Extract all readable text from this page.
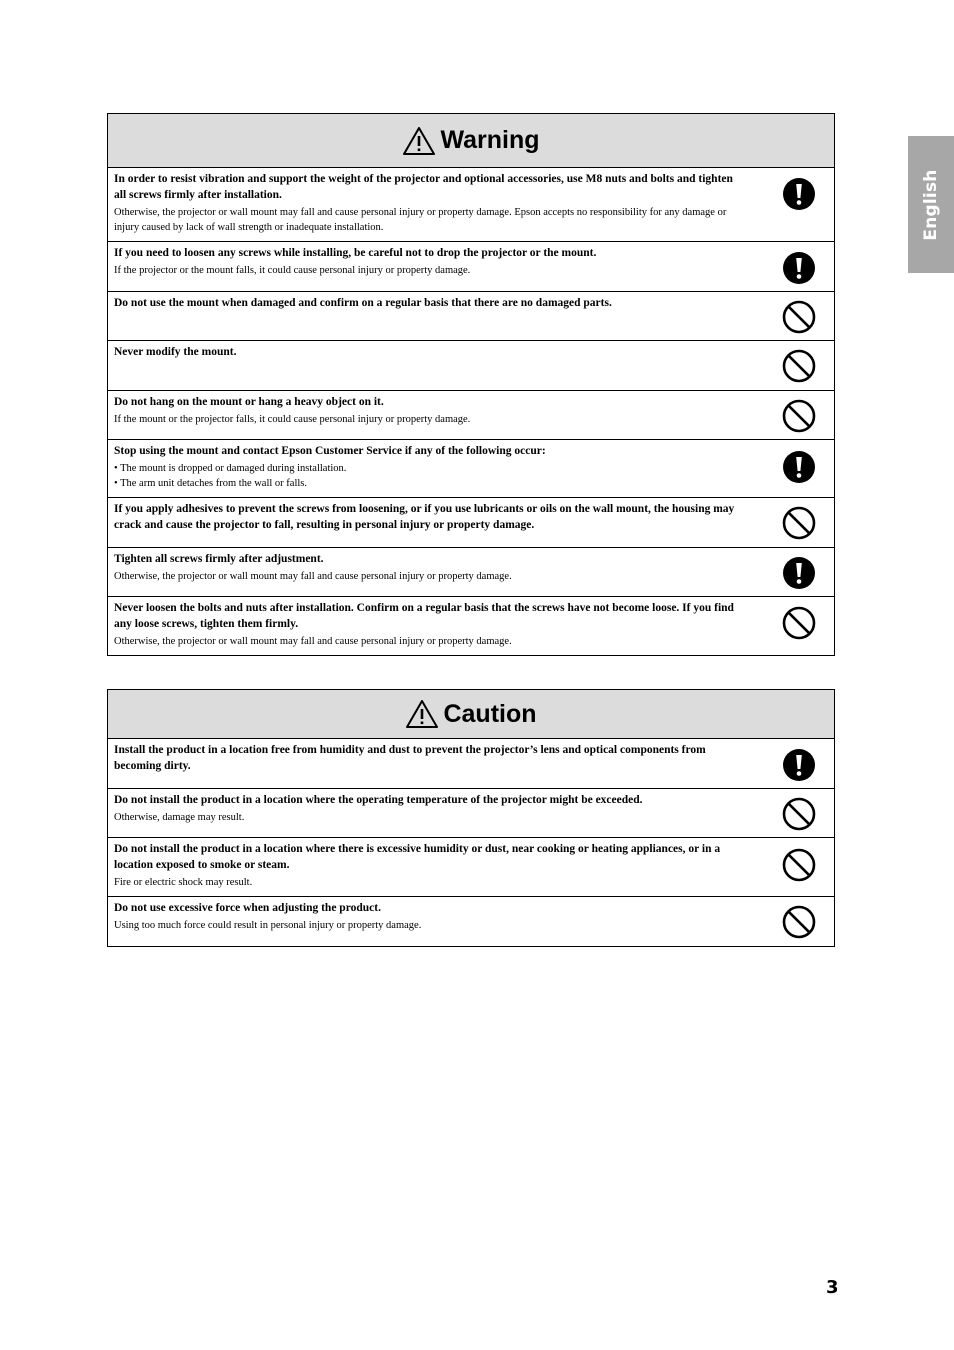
English
Warning
In order to resist vibration and support the weight of the projector and optional accessories, use M8 nuts and bolts and tighten all screws firmly after installation.
Otherwise, the projector or wall mount may fall and cause personal injury or property damage. Epson accepts no responsibility for any damage or injury caused by lack of wall strength or inadequate installation.
If you need to loosen any screws while installing, be careful not to drop the projector or the mount.
If the projector or the mount falls, it could cause personal injury or property damage.
Do not use the mount when damaged and confirm on a regular basis that there are no damaged parts.
Never modify the mount.
Do not hang on the mount or hang a heavy object on it.
If the mount or the projector falls, it could cause personal injury or property damage.
Stop using the mount and contact Epson Customer Service if any of the following occur:
• The mount is dropped or damaged during installation.
• The arm unit detaches from the wall or falls.
If you apply adhesives to prevent the screws from loosening, or if you use lubricants or oils on the wall mount, the housing may crack and cause the projector to fall, resulting in personal injury or property damage.
Tighten all screws firmly after adjustment.
Otherwise, the projector or wall mount may fall and cause personal injury or property damage.
Never loosen the bolts and nuts after installation. Confirm on a regular basis that the screws have not become loose. If you find any loose screws, tighten them firmly.
Otherwise, the projector or wall mount may fall and cause personal injury or property damage.
Caution
Install the product in a location free from humidity and dust to prevent the projector’s lens and optical components from becoming dirty.
Do not install the product in a location where the operating temperature of the projector might be exceeded.
Otherwise, damage may result.
Do not install the product in a location where there is excessive humidity or dust, near cooking or heating appliances, or in a location exposed to smoke or steam.
Fire or electric shock may result.
Do not use excessive force when adjusting the product.
Using too much force could result in personal injury or property damage.
3
